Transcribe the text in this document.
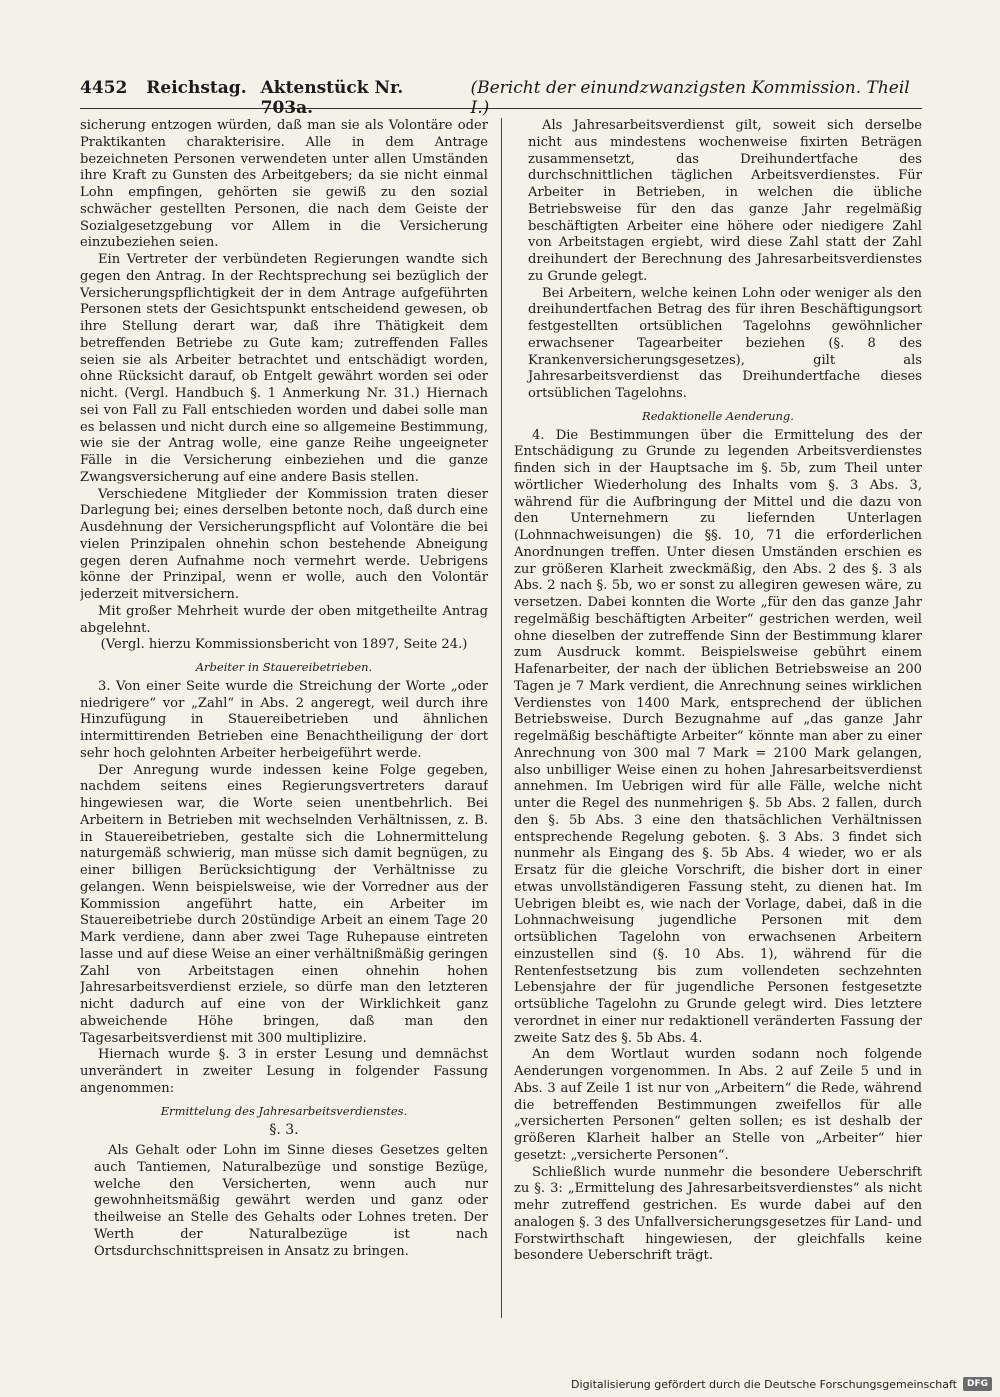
4452	Reichstag. Aktenstück Nr. 703a.
(Bericht der einundzwanzigsten Kommission. Theil I.)

sicherung entzogen würden, daß man sie als Volontäre oder Praktikanten charakterisire. Alle in dem Antrage bezeichneten Personen verwendeten unter allen Umständen ihre Kraft zu Gunsten des Arbeitgebers; da sie nicht einmal Lohn empfingen, gehörten sie gewiß zu den sozial schwächer gestellten Personen, die nach dem Geiste der Sozialgesetzgebung vor Allem in die Versicherung einzubeziehen seien.

Ein Vertreter der verbündeten Regierungen wandte sich gegen den Antrag. In der Rechtsprechung sei bezüglich der Versicherungspflichtigkeit der in dem Antrage aufgeführten Personen stets der Gesichtspunkt entscheidend gewesen, ob ihre Stellung derart war, daß ihre Thätigkeit dem betreffenden Betriebe zu Gute kam; zutreffenden Falles seien sie als Arbeiter betrachtet und entschädigt worden, ohne Rücksicht darauf, ob Entgelt gewährt worden sei oder nicht. (Vergl. Handbuch §. 1 Anmerkung Nr. 31.) Hiernach sei von Fall zu Fall entschieden worden und dabei solle man es belassen und nicht durch eine so allgemeine Bestimmung, wie sie der Antrag wolle, eine ganze Reihe ungeeigneter Fälle in die Versicherung einbeziehen und die ganze Zwangsversicherung auf eine andere Basis stellen.

Verschiedene Mitglieder der Kommission traten dieser Darlegung bei; eines derselben betonte noch, daß durch eine Ausdehnung der Versicherungspflicht auf Volontäre die bei vielen Prinzipalen ohnehin schon bestehende Abneigung gegen deren Aufnahme noch vermehrt werde. Uebrigens könne der Prinzipal, wenn er wolle, auch den Volontär jederzeit mitversichern.

Mit großer Mehrheit wurde der oben mitgetheilte Antrag abgelehnt.

(Vergl. hierzu Kommissionsbericht von 1897, Seite 24.)

Arbeiter in Stauereibetrieben.

3. Von einer Seite wurde die Streichung der Worte „oder niedrigere“ vor „Zahl“ in Abs. 2 angeregt, weil durch ihre Hinzufügung in Stauereibetrieben und ähnlichen intermittirenden Betrieben eine Benachtheiligung der dort sehr hoch gelohnten Arbeiter herbeigeführt werde.

Der Anregung wurde indessen keine Folge gegeben, nachdem seitens eines Regierungsvertreters darauf hingewiesen war, die Worte seien unentbehrlich. Bei Arbeitern in Betrieben mit wechselnden Verhältnissen, z. B. in Stauereibetrieben, gestalte sich die Lohnermittelung naturgemäß schwierig, man müsse sich damit begnügen, zu einer billigen Berücksichtigung der Verhältnisse zu gelangen. Wenn beispielsweise, wie der Vorredner aus der Kommission angeführt hatte, ein Arbeiter im Stauereibetriebe durch 20stündige Arbeit an einem Tage 20 Mark verdiene, dann aber zwei Tage Ruhepause eintreten lasse und auf diese Weise an einer verhältnißmäßig geringen Zahl von Arbeitstagen einen ohnehin hohen Jahresarbeitsverdienst erziele, so dürfe man den letzteren nicht dadurch auf eine von der Wirklichkeit ganz abweichende Höhe bringen, daß man den Tagesarbeitsverdienst mit 300 multiplizire.

Hiernach wurde §. 3 in erster Lesung und demnächst unverändert in zweiter Lesung in folgender Fassung angenommen:

Ermittelung des Jahresarbeitsverdienstes.
§. 3.

Als Gehalt oder Lohn im Sinne dieses Gesetzes gelten auch Tantiemen, Naturalbezüge und sonstige Bezüge, welche den Versicherten, wenn auch nur gewohnheitsmäßig gewährt werden und ganz oder theilweise an Stelle des Gehalts oder Lohnes treten. Der Werth der Naturalbezüge ist nach Ortsdurchschnittspreisen in Ansatz zu bringen.

Als Jahresarbeitsverdienst gilt, soweit sich derselbe nicht aus mindestens wochenweise fixirten Beträgen zusammensetzt, das Dreihundertfache des durchschnittlichen täglichen Arbeitsverdienstes. Für Arbeiter in Betrieben, in welchen die übliche Betriebsweise für den das ganze Jahr regelmäßig beschäftigten Arbeiter eine höhere oder niedigere Zahl von Arbeitstagen ergiebt, wird diese Zahl statt der Zahl dreihundert der Berechnung des Jahresarbeitsverdienstes zu Grunde gelegt.

Bei Arbeitern, welche keinen Lohn oder weniger als den dreihundertfachen Betrag des für ihren Beschäftigungsort festgestellten ortsüblichen Tagelohns gewöhnlicher erwachsener Tagearbeiter beziehen (§. 8 des Krankenversicherungsgesetzes), gilt als Jahresarbeitsverdienst das Dreihundertfache dieses ortsüblichen Tagelohns.

Redaktionelle Aenderung.

4. Die Bestimmungen über die Ermittelung des der Entschädigung zu Grunde zu legenden Arbeitsverdienstes finden sich in der Hauptsache im §. 5b, zum Theil unter wörtlicher Wiederholung des Inhalts vom §. 3 Abs. 3, während für die Aufbringung der Mittel und die dazu von den Unternehmern zu liefernden Unterlagen (Lohnnachweisungen) die §§. 10, 71 die erforderlichen Anordnungen treffen. Unter diesen Umständen erschien es zur größeren Klarheit zweckmäßig, den Abs. 2 des §. 3 als Abs. 2 nach §. 5b, wo er sonst zu allegiren gewesen wäre, zu versetzen. Dabei konnten die Worte „für den das ganze Jahr regelmäßig beschäftigten Arbeiter“ gestrichen werden, weil ohne dieselben der zutreffende Sinn der Bestimmung klarer zum Ausdruck kommt. Beispielsweise gebührt einem Hafenarbeiter, der nach der üblichen Betriebsweise an 200 Tagen je 7 Mark verdient, die Anrechnung seines wirklichen Verdienstes von 1400 Mark, entsprechend der üblichen Betriebsweise. Durch Bezugnahme auf „das ganze Jahr regelmäßig beschäftigte Arbeiter“ könnte man aber zu einer Anrechnung von 300 mal 7 Mark = 2100 Mark gelangen, also unbilliger Weise einen zu hohen Jahresarbeitsverdienst annehmen. Im Uebrigen wird für alle Fälle, welche nicht unter die Regel des nunmehrigen §. 5b Abs. 2 fallen, durch den §. 5b Abs. 3 eine den thatsächlichen Verhältnissen entsprechende Regelung geboten. §. 3 Abs. 3 findet sich nunmehr als Eingang des §. 5b Abs. 4 wieder, wo er als Ersatz für die gleiche Vorschrift, die bisher dort in einer etwas unvollständigeren Fassung steht, zu dienen hat. Im Uebrigen bleibt es, wie nach der Vorlage, dabei, daß in die Lohnnachweisung jugendliche Personen mit dem ortsüblichen Tagelohn von erwachsenen Arbeitern einzustellen sind (§. 10 Abs. 1), während für die Rentenfestsetzung bis zum vollendeten sechzehnten Lebensjahre der für jugendliche Personen festgesetzte ortsübliche Tagelohn zu Grunde gelegt wird. Dies letztere verordnet in einer nur redaktionell veränderten Fassung der zweite Satz des §. 5b Abs. 4.

An dem Wortlaut wurden sodann noch folgende Aenderungen vorgenommen. In Abs. 2 auf Zeile 5 und in Abs. 3 auf Zeile 1 ist nur von „Arbeitern“ die Rede, während die betreffenden Bestimmungen zweifellos für alle „versicherten Personen“ gelten sollen; es ist deshalb der größeren Klarheit halber an Stelle von „Arbeiter“ hier gesetzt: „versicherte Personen“.

Schließlich wurde nunmehr die besondere Ueberschrift zu §. 3: „Ermittelung des Jahresarbeitsverdienstes“ als nicht mehr zutreffend gestrichen. Es wurde dabei auf den analogen §. 3 des Unfallversicherungsgesetzes für Land- und Forstwirthschaft hingewiesen, der gleichfalls keine besondere Ueberschrift trägt.

Digitalisierung gefördert durch die Deutsche Forschungsgemeinschaft	DFG
